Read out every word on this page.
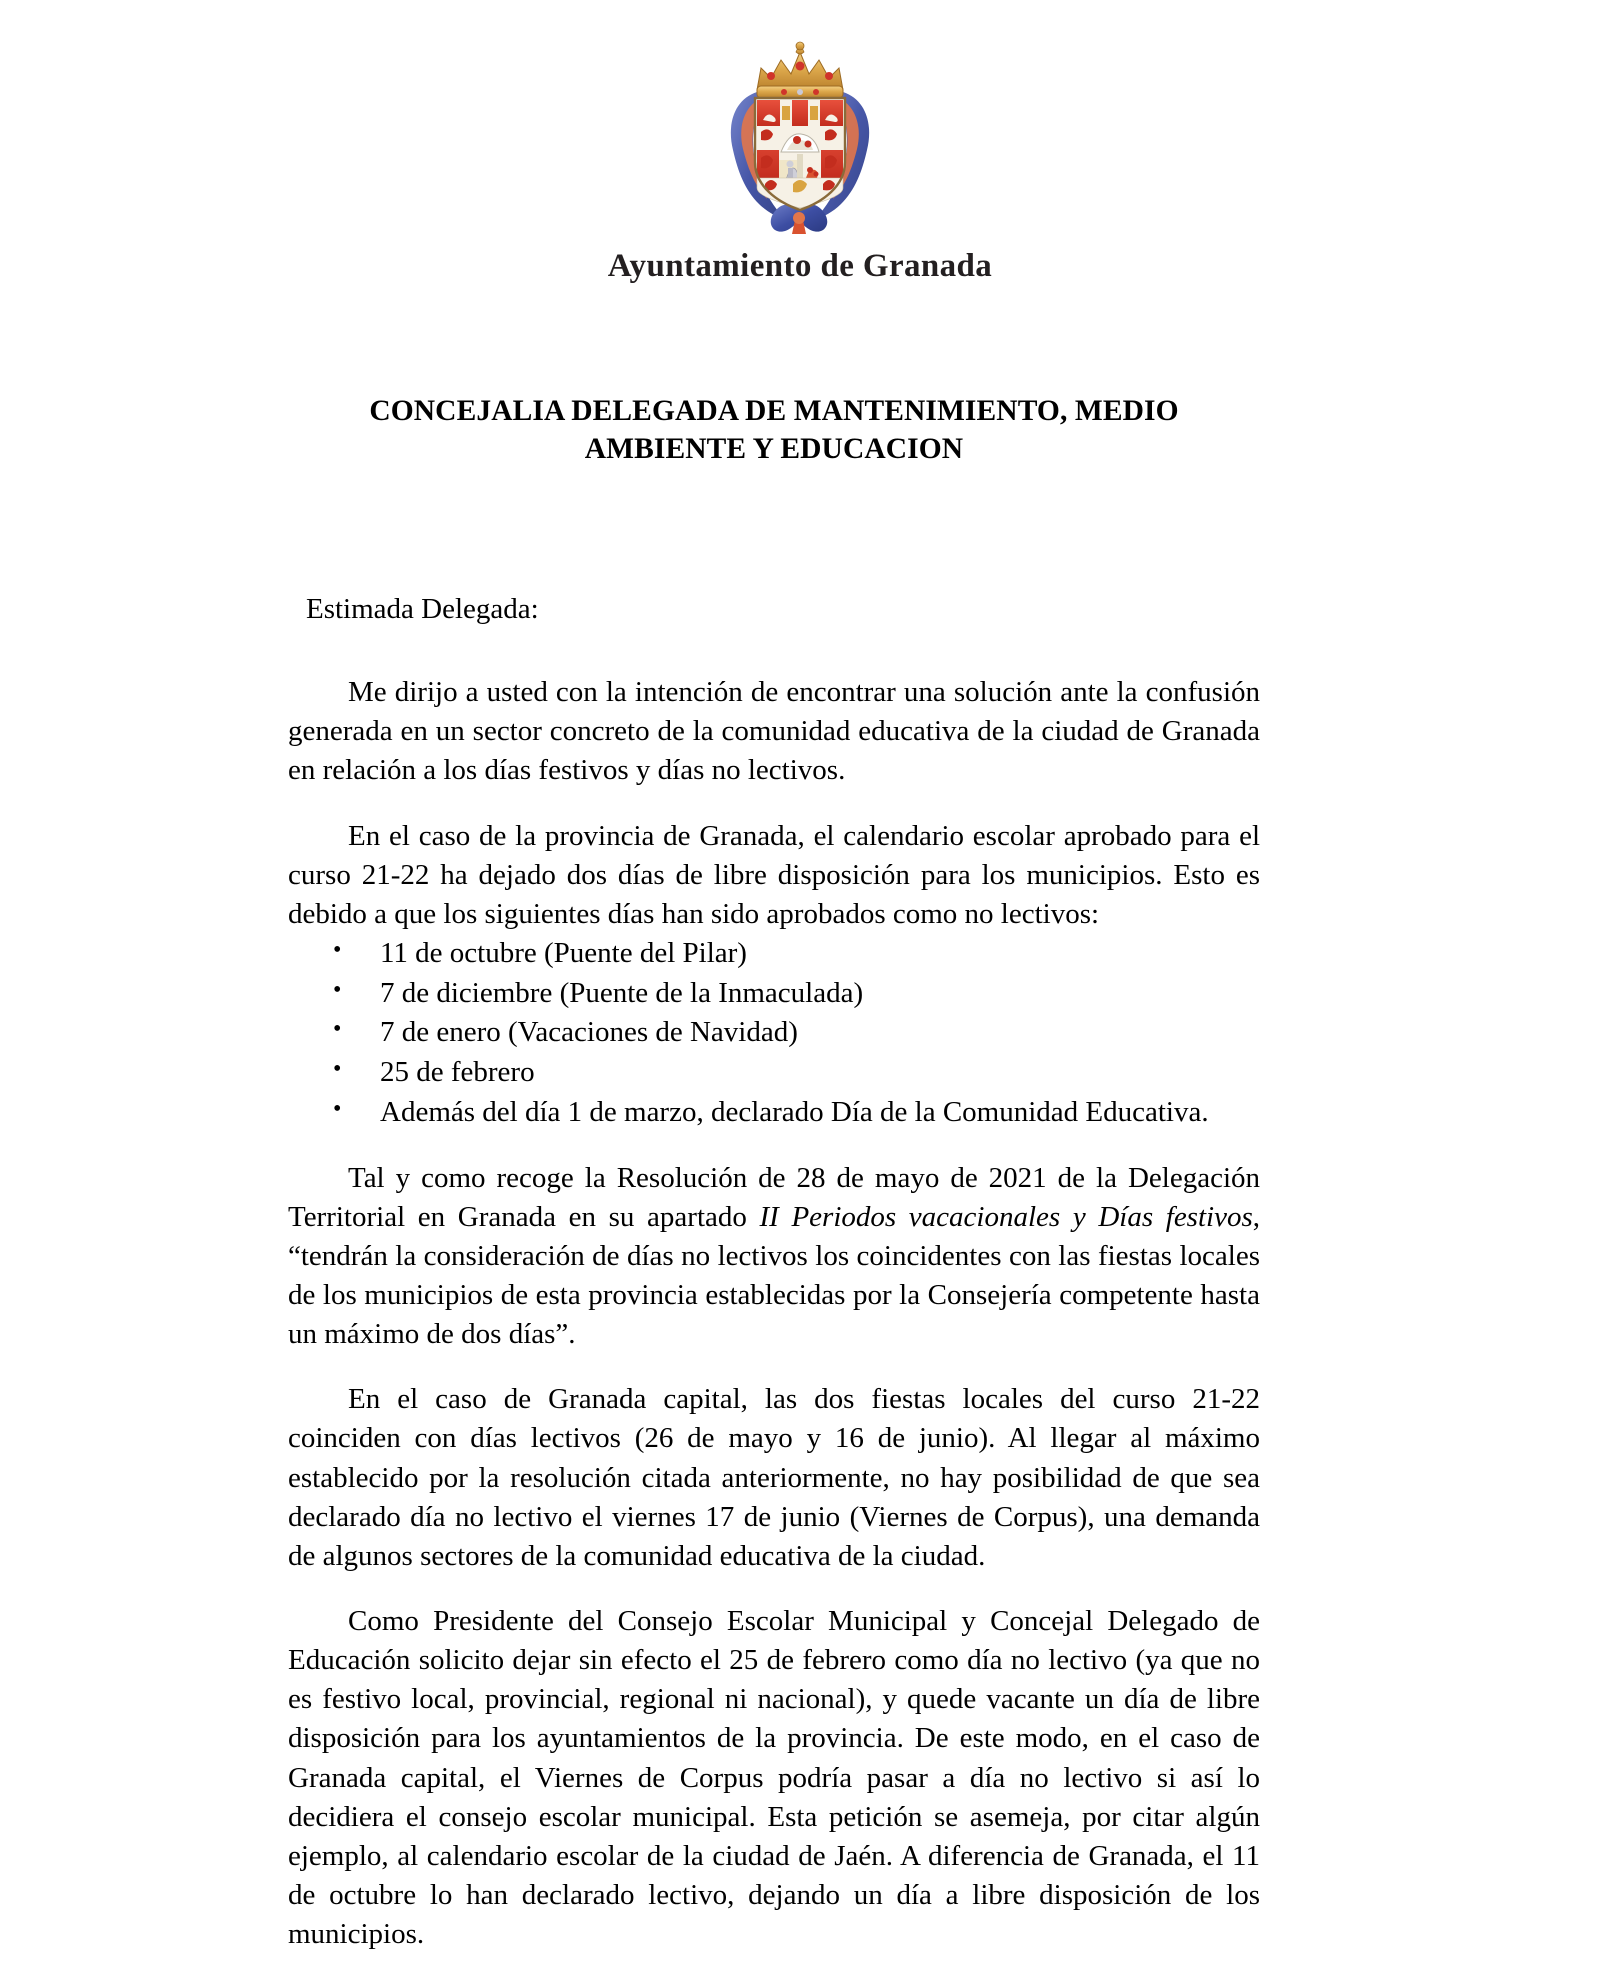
Ayuntamiento de Granada
CONCEJALIA DELEGADA DE MANTENIMIENTO, MEDIO AMBIENTE Y EDUCACION

Estimada Delegada:

Me dirijo a usted con la intención de encontrar una solución ante la confusión generada en un sector concreto de la comunidad educativa de la ciudad de Granada en relación a los días festivos y días no lectivos.

En el caso de la provincia de Granada, el calendario escolar aprobado para el curso 21-22 ha dejado dos días de libre disposición para los municipios. Esto es debido a que los siguientes días han sido aprobados como no lectivos:

• 11 de octubre (Puente del Pilar)
• 7 de diciembre (Puente de la Inmaculada)
• 7 de enero (Vacaciones de Navidad)
• 25 de febrero
• Además del día 1 de marzo, declarado Día de la Comunidad Educativa.

Tal y como recoge la Resolución de 28 de mayo de 2021 de la Delegación Territorial en Granada en su apartado II Periodos vacacionales y Días festivos, “tendrán la consideración de días no lectivos los coincidentes con las fiestas locales de los municipios de esta provincia establecidas por la Consejería competente hasta un máximo de dos días”.

En el caso de Granada capital, las dos fiestas locales del curso 21-22 coinciden con días lectivos (26 de mayo y 16 de junio). Al llegar al máximo establecido por la resolución citada anteriormente, no hay posibilidad de que sea declarado día no lectivo el viernes 17 de junio (Viernes de Corpus), una demanda de algunos sectores de la comunidad educativa de la ciudad.

Como Presidente del Consejo Escolar Municipal y Concejal Delegado de Educación solicito dejar sin efecto el 25 de febrero como día no lectivo (ya que no es festivo local, provincial, regional ni nacional), y quede vacante un día de libre disposición para los ayuntamientos de la provincia. De este modo, en el caso de Granada capital, el Viernes de Corpus podría pasar a día no lectivo si así lo decidiera el consejo escolar municipal. Esta petición se asemeja, por citar algún ejemplo, al calendario escolar de la ciudad de Jaén. A diferencia de Granada, el 11 de octubre lo han declarado lectivo, dejando un día a libre disposición de los municipios.
